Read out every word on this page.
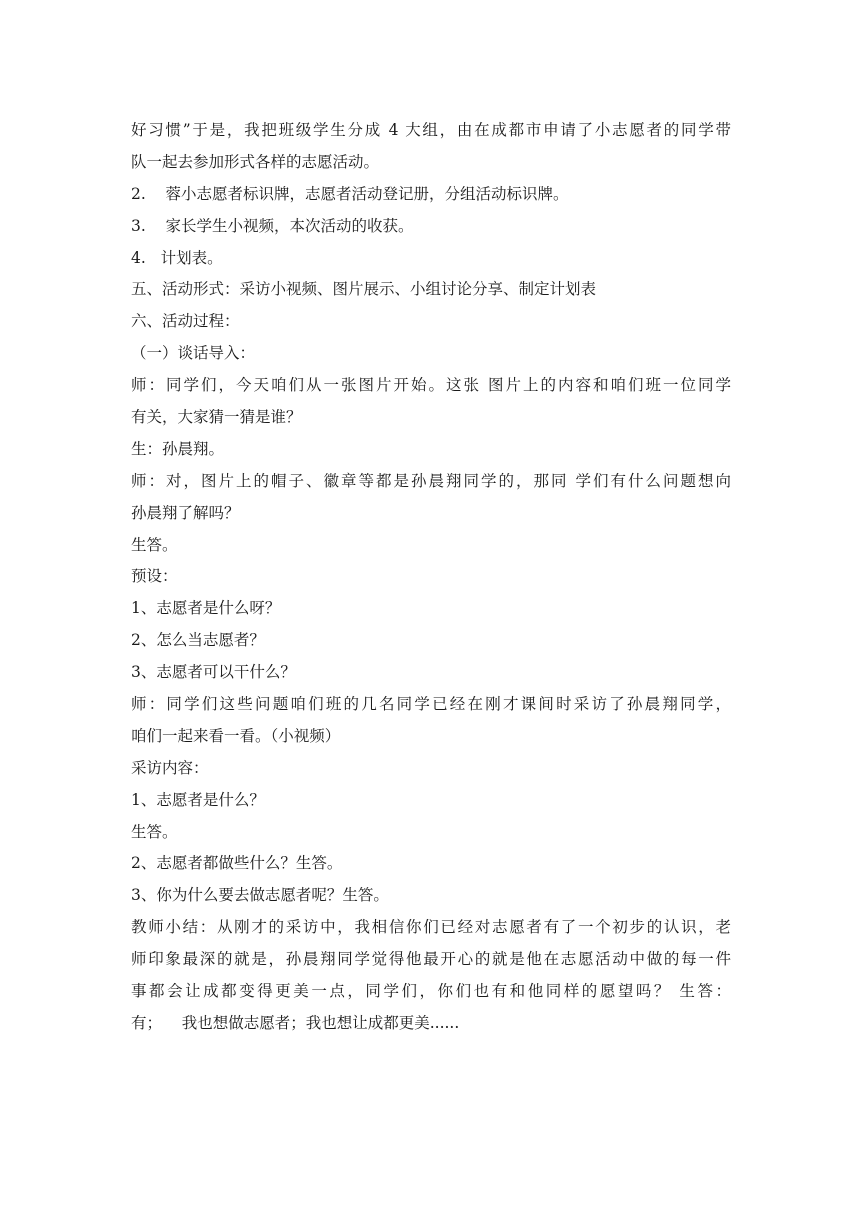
好习惯”于是，我把班级学生分成 4 大组，由在成都市申请了小志愿者的同学带
队一起去参加形式各样的志愿活动。
2.    蓉小志愿者标识牌，志愿者活动登记册，分组活动标识牌。
3.    家长学生小视频，本次活动的收获。
4.   计划表。
五、活动形式：采访小视频、图片展示、小组讨论分享、制定计划表
六、活动过程：
（一）谈话导入：
师：同学们，今天咱们从一张图片开始。这张 图片上的内容和咱们班一位同学
有关，大家猜一猜是谁？
生：孙晨翔。
师：对，图片上的帽子、徽章等都是孙晨翔同学的，那同 学们有什么问题想向
孙晨翔了解吗？
生答。
预设：
1、志愿者是什么呀？
2、怎么当志愿者？
3、志愿者可以干什么？
师：同学们这些问题咱们班的几名同学已经在刚才课间时采访了孙晨翔同学，
咱们一起来看一看。（小视频）
采访内容：
1、志愿者是什么？
生答。
2、志愿者都做些什么？生答。
3、你为什么要去做志愿者呢？生答。
教师小结：从刚才的采访中，我相信你们已经对志愿者有了一个初步的认识，老
师印象最深的就是，孙晨翔同学觉得他最开心的就是他在志愿活动中做的每一件
事都会让成都变得更美一点，同学们，你们也有和他同样的愿望吗？ 生答：
有；    我也想做志愿者；我也想让成都更美......
